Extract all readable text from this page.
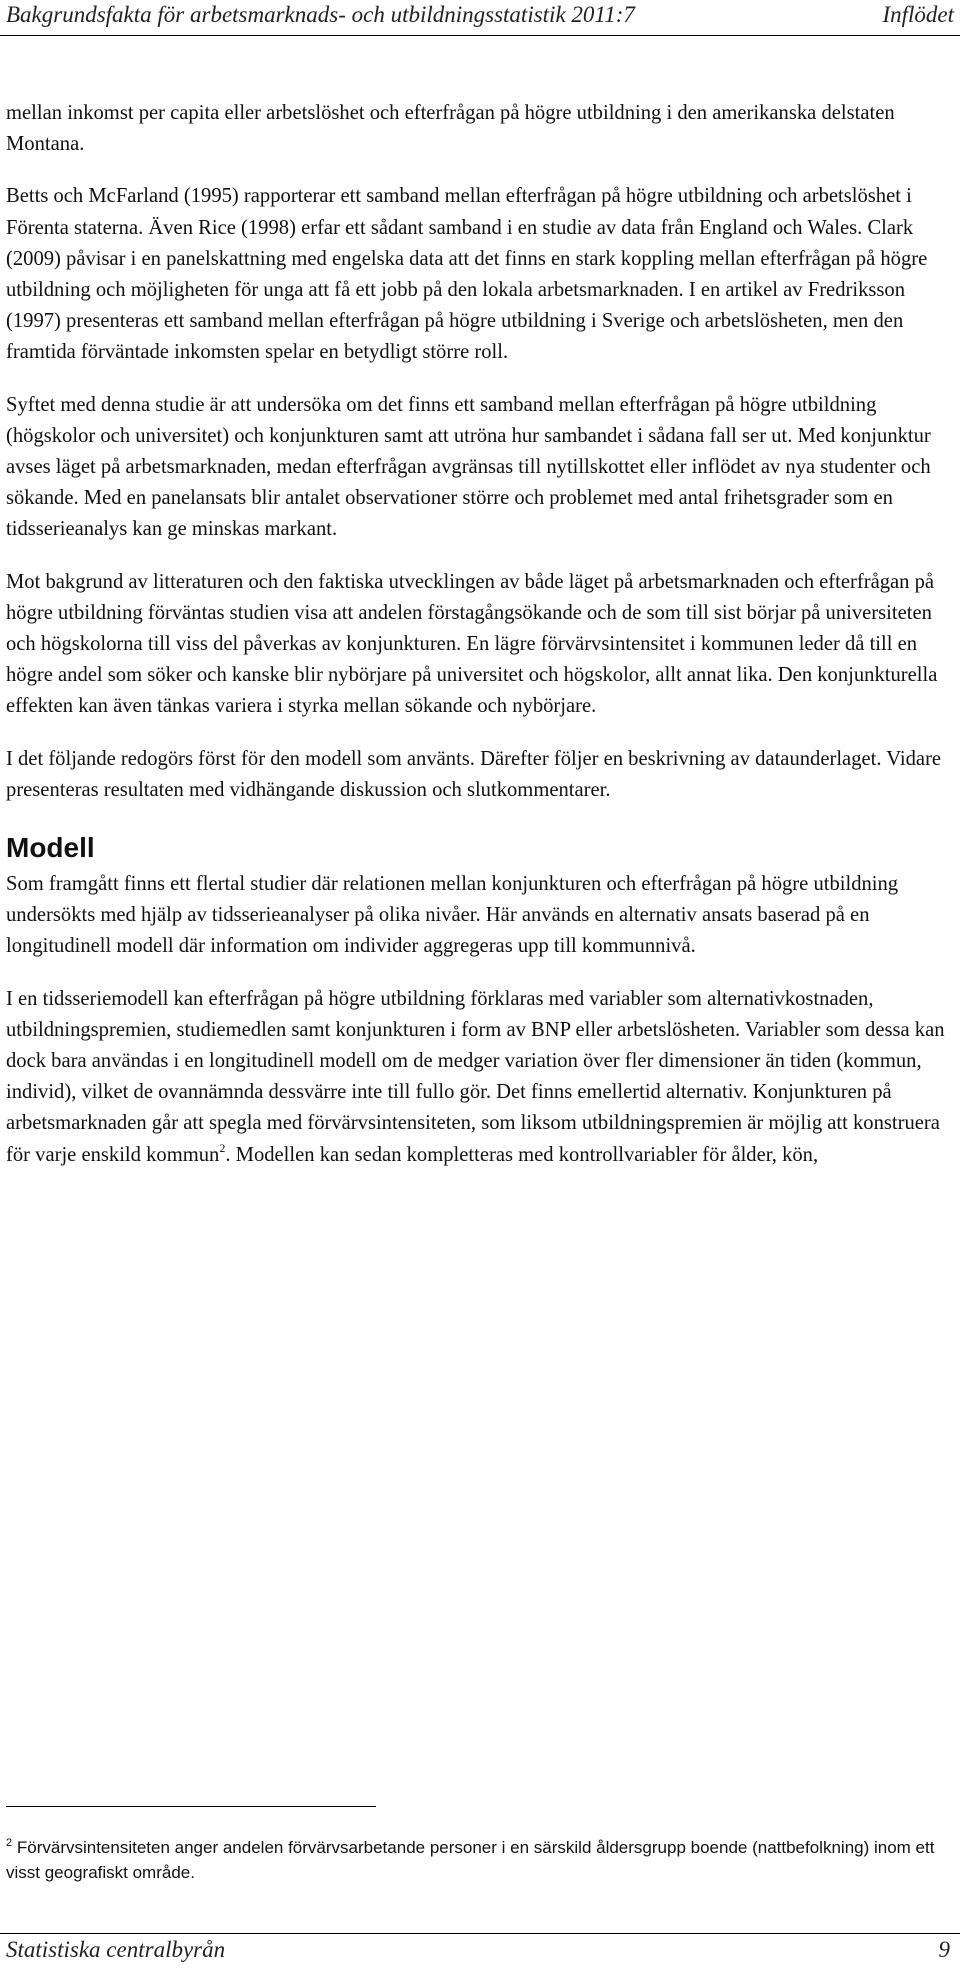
Bakgrundsfakta för arbetsmarknads- och utbildningsstatistik 2011:7	Inflödet

mellan inkomst per capita eller arbetslöshet och efterfrågan på högre utbildning i den amerikanska delstaten Montana.

Betts och McFarland (1995) rapporterar ett samband mellan efterfrågan på högre utbildning och arbetslöshet i Förenta staterna. Även Rice (1998) erfar ett sådant samband i en studie av data från England och Wales. Clark (2009) påvisar i en panelskattning med engelska data att det finns en stark koppling mellan efterfrågan på högre utbildning och möjligheten för unga att få ett jobb på den lokala arbetsmarknaden. I en artikel av Fredriksson (1997) presenteras ett samband mellan efterfrågan på högre utbildning i Sverige och arbetslösheten, men den framtida förväntade inkomsten spelar en betydligt större roll.

Syftet med denna studie är att undersöka om det finns ett samband mellan efterfrågan på högre utbildning (högskolor och universitet) och konjunkturen samt att utröna hur sambandet i sådana fall ser ut. Med konjunktur avses läget på arbetsmarknaden, medan efterfrågan avgränsas till nytillskottet eller inflödet av nya studenter och sökande. Med en panelansats blir antalet observationer större och problemet med antal frihetsgrader som en tidsserieanalys kan ge minskas markant.

Mot bakgrund av litteraturen och den faktiska utvecklingen av både läget på arbetsmarknaden och efterfrågan på högre utbildning förväntas studien visa att andelen förstagångsökande och de som till sist börjar på universiteten och högskolorna till viss del påverkas av konjunkturen. En lägre förvärvsintensitet i kommunen leder då till en högre andel som söker och kanske blir nybörjare på universitet och högskolor, allt annat lika. Den konjunkturella effekten kan även tänkas variera i styrka mellan sökande och nybörjare.

I det följande redogörs först för den modell som använts. Därefter följer en beskrivning av dataunderlaget. Vidare presenteras resultaten med vidhängande diskussion och slutkommentarer.

Modell

Som framgått finns ett flertal studier där relationen mellan konjunkturen och efterfrågan på högre utbildning undersökts med hjälp av tidsserieanalyser på olika nivåer. Här används en alternativ ansats baserad på en longitudinell modell där information om individer aggregeras upp till kommunnivå.

I en tidsseriemodell kan efterfrågan på högre utbildning förklaras med variabler som alternativkostnaden, utbildningspremien, studiemedlen samt konjunkturen i form av BNP eller arbetslösheten. Variabler som dessa kan dock bara användas i en longitudinell modell om de medger variation över fler dimensioner än tiden (kommun, individ), vilket de ovannämnda dessvärre inte till fullo gör. Det finns emellertid alternativ. Konjunkturen på arbetsmarknaden går att spegla med förvärvsintensiteten, som liksom utbildningspremien är möjlig att konstruera för varje enskild kommun$^2$. Modellen kan sedan kompletteras med kontrollvariabler för ålder, kön,

$^2$ Förvärvsintensiteten anger andelen förvärvsarbetande personer i en särskild åldersgrupp boende (nattbefolkning) inom ett visst geografiskt område.
Statistiska centralbyrån	9
